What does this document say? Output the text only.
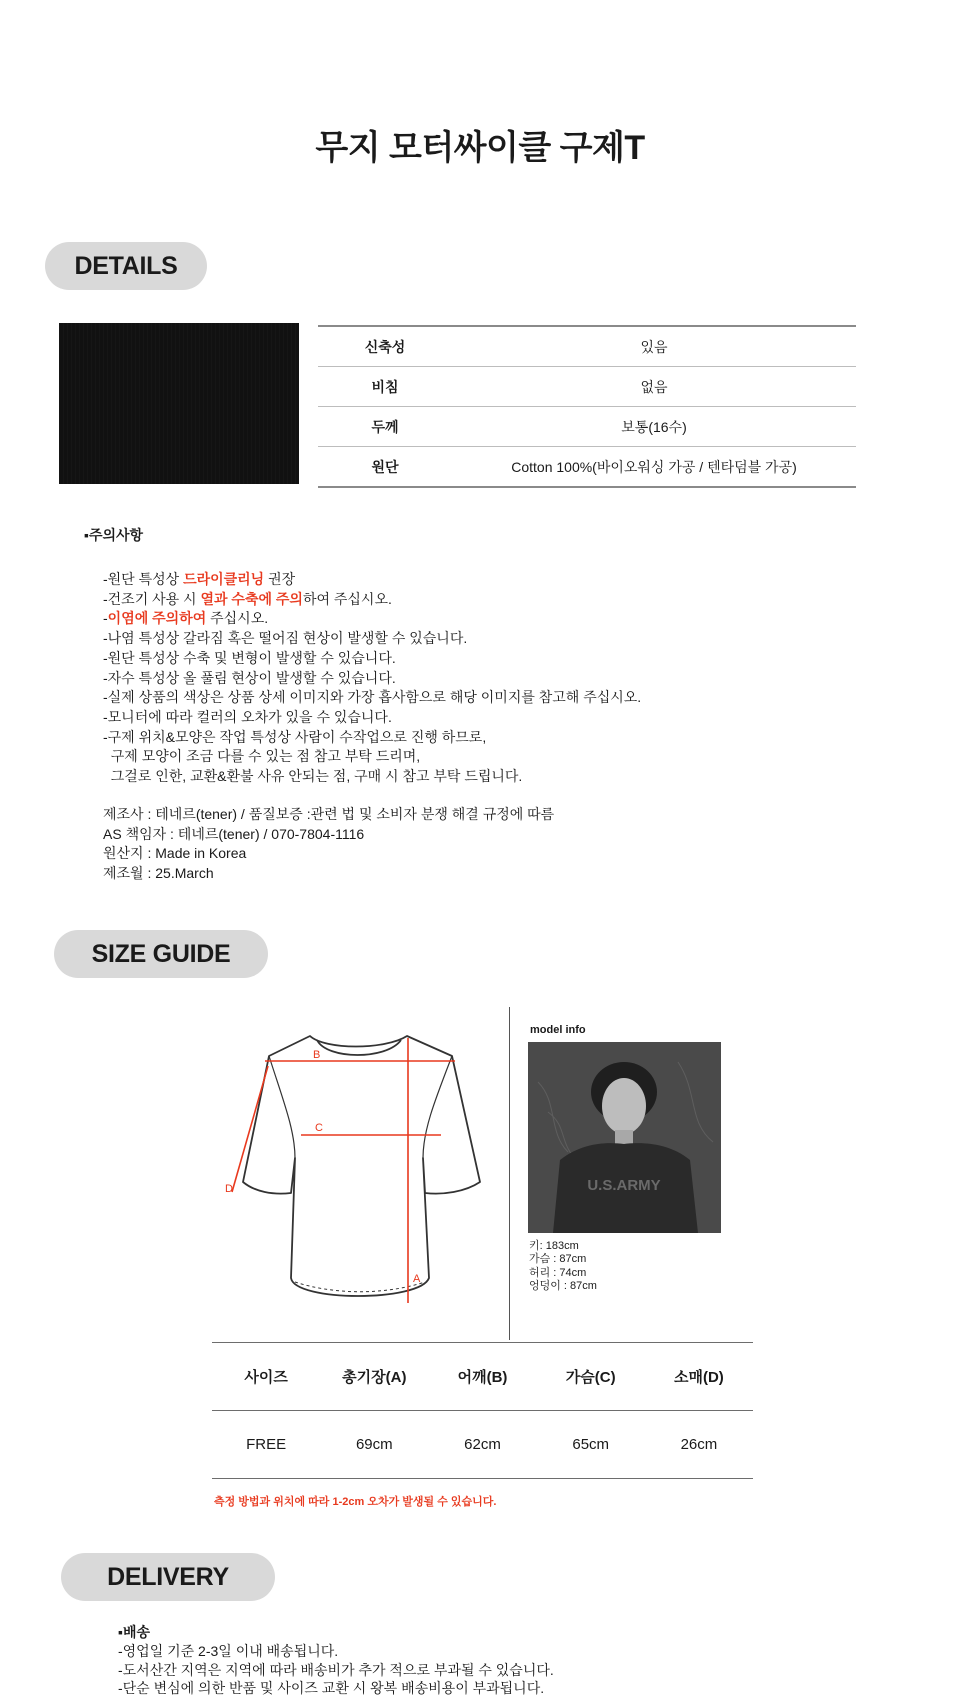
무지 모터싸이클 구제T
DETAILS
신축성	있음
비침	없음
두께	보통(16수)
원단	Cotton 100%(바이오워싱 가공 / 텐타덤블 가공)
▪주의사항
-원단 특성상 드라이클리닝 권장
-건조기 사용 시 열과 수축에 주의하여 주십시오.
-이염에 주의하여 주십시오.
-나염 특성상 갈라짐 혹은 떨어짐 현상이 발생할 수 있습니다.
-원단 특성상 수축 및 변형이 발생할 수 있습니다.
-자수 특성상 올 풀림 현상이 발생할 수 있습니다.
-실제 상품의 색상은 상품 상세 이미지와 가장 흡사함으로 해당 이미지를 참고해 주십시오.
-모니터에 따라 컬러의 오차가 있을 수 있습니다.
-구제 위치&모양은 작업 특성상 사람이 수작업으로 진행 하므로,
구제 모양이 조금 다를 수 있는 점 참고 부탁 드리며,
그걸로 인한, 교환&환불 사유 안되는 점, 구매 시 참고 부탁 드립니다.
제조사 : 테네르(tener) / 품질보증 :관련 법 및 소비자 분쟁 해결 규정에 따름
AS 책임자 : 테네르(tener) / 070-7804-1116
원산지 : Made in Korea
제조월 : 25.March
SIZE GUIDE
B
C
A
D
model info
U.S.ARMY
키: 183cm
가슴 : 87cm
허리 : 74cm
엉덩이 : 87cm
사이즈	총기장(A)	어깨(B)	가슴(C)	소매(D)
FREE	69cm	62cm	65cm	26cm
측정 방법과 위치에 따라 1-2cm 오차가 발생될 수 있습니다.
DELIVERY
▪배송
-영업일 기준 2-3일 이내 배송됩니다.
-도서산간 지역은 지역에 따라 배송비가 추가 적으로 부과될 수 있습니다.
-단순 변심에 의한 반품 및 사이즈 교환 시 왕복 배송비용이 부과됩니다.
